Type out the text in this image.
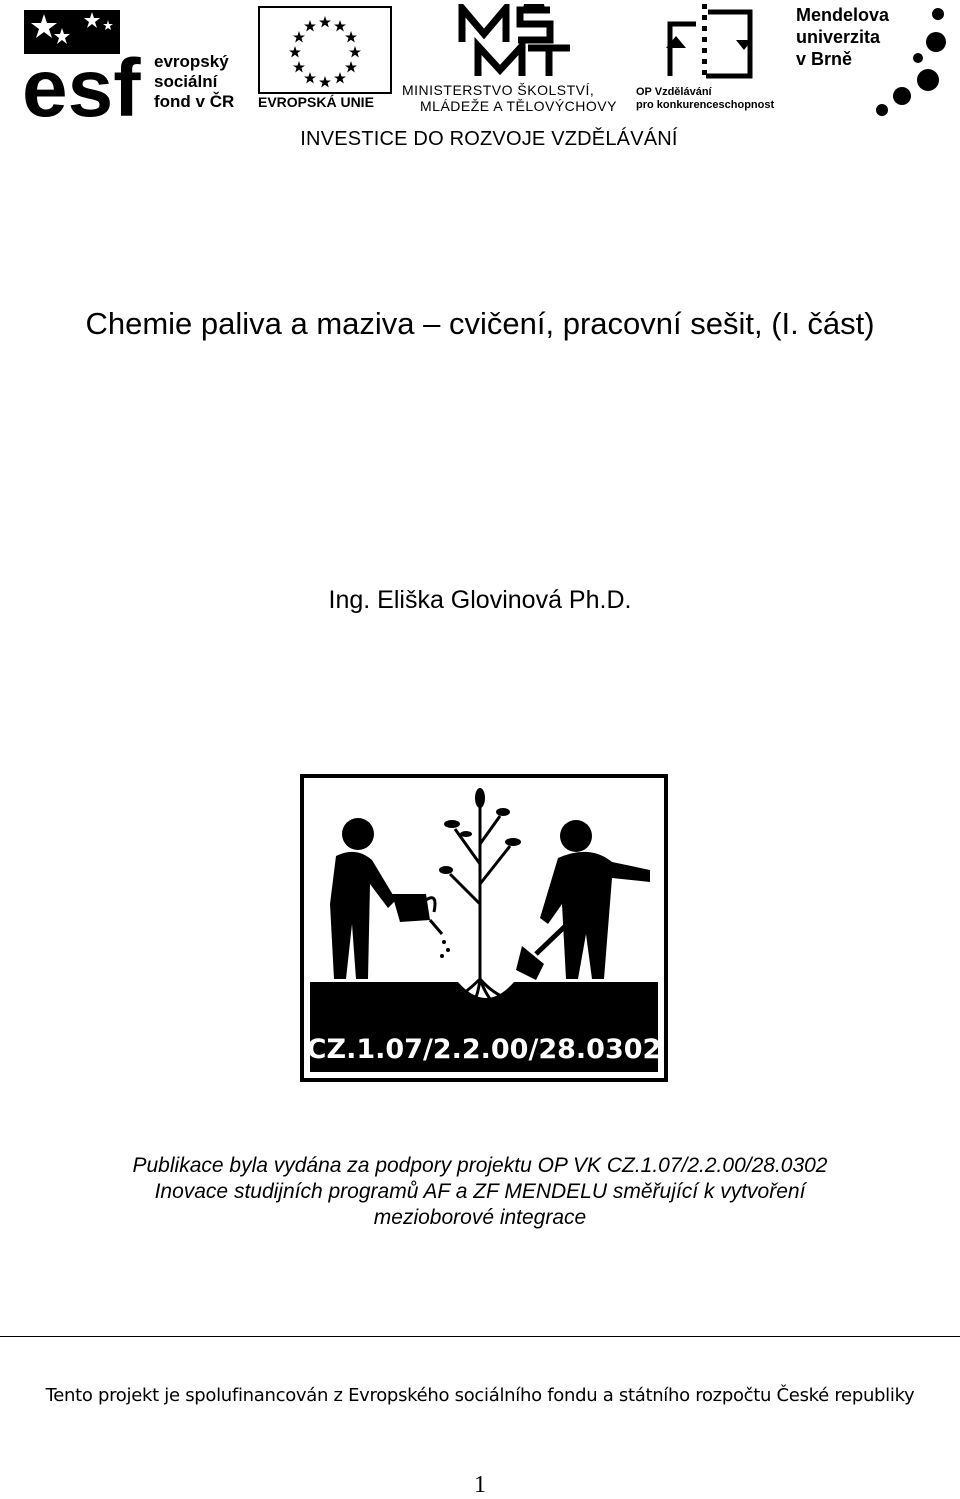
esf evropský
sociální
fond v ČR EVROPSKÁ UNIE
MINISTERSTVO ŠKOLSTVÍ,
MLÁDEŽE A TĚLOVÝCHOVY
OP Vzdělávání
pro konkurenceschopnost
Mendelova
univerzita
v Brně
INVESTICE DO ROZVOJE VZDĚLÁVÁNÍ
Chemie paliva a maziva – cvičení, pracovní sešit, (I. část)
Ing. Eliška Glovinová Ph.D.
CZ.1.07/2.2.00/28.0302
Publikace byla vydána za podpory projektu OP VK CZ.1.07/2.2.00/28.0302
Inovace studijních programů AF a ZF MENDELU směřující k vytvoření
mezioborové integrace
Tento projekt je spolufinancován z Evropského sociálního fondu a státního rozpočtu České republiky
1
